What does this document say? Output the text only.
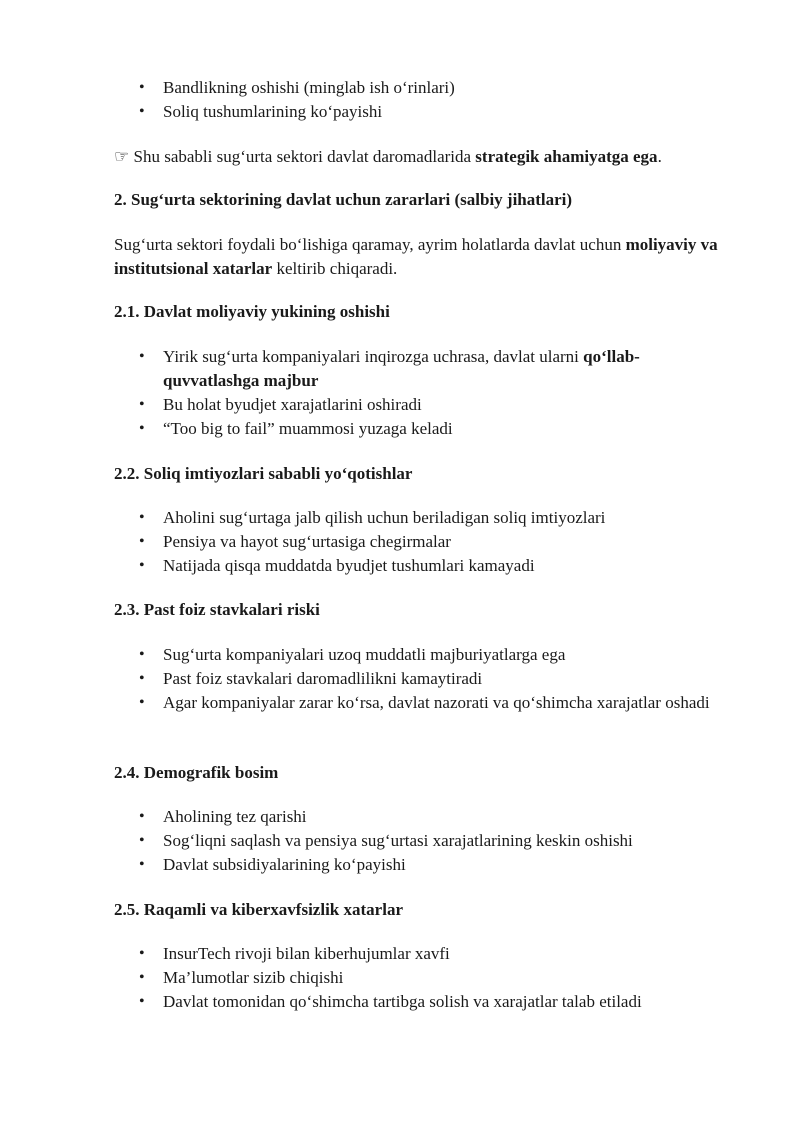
• Bandlikning oshishi (minglab ish o‘rinlari)
• Soliq tushumlarining ko‘payishi

☞ Shu sababli sug‘urta sektori davlat daromadlarida strategik ahamiyatga ega.

2. Sug‘urta sektorining davlat uchun zararlari (salbiy jihatlari)

Sug‘urta sektori foydali bo‘lishiga qaramay, ayrim holatlarda davlat uchun moliyaviy va institutsional xatarlar keltirib chiqaradi.

2.1. Davlat moliyaviy yukining oshishi
• Yirik sug‘urta kompaniyalari inqirozga uchrasa, davlat ularni qo‘llab-quvvatlashga majbur
• Bu holat byudjet xarajatlarini oshiradi
• “Too big to fail” muammosi yuzaga keladi
2.2. Soliq imtiyozlari sababli yo‘qotishlar
• Aholini sug‘urtaga jalb qilish uchun beriladigan soliq imtiyozlari
• Pensiya va hayot sug‘urtasiga chegirmalar
• Natijada qisqa muddatda byudjet tushumlari kamayadi
2.3. Past foiz stavkalari riski
• Sug‘urta kompaniyalari uzoq muddatli majburiyatlarga ega
• Past foiz stavkalari daromadlilikni kamaytiradi
• Agar kompaniyalar zarar ko‘rsa, davlat nazorati va qo‘shimcha xarajatlar oshadi
2.4. Demografik bosim
• Aholining tez qarishi
• Sog‘liqni saqlash va pensiya sug‘urtasi xarajatlarining keskin oshishi
• Davlat subsidiyalarining ko‘payishi
2.5. Raqamli va kiberxavfsizlik xatarlar
• InsurTech rivoji bilan kiberhujumlar xavfi
• Ma’lumotlar sizib chiqishi
• Davlat tomonidan qo‘shimcha tartibga solish va xarajatlar talab etiladi
